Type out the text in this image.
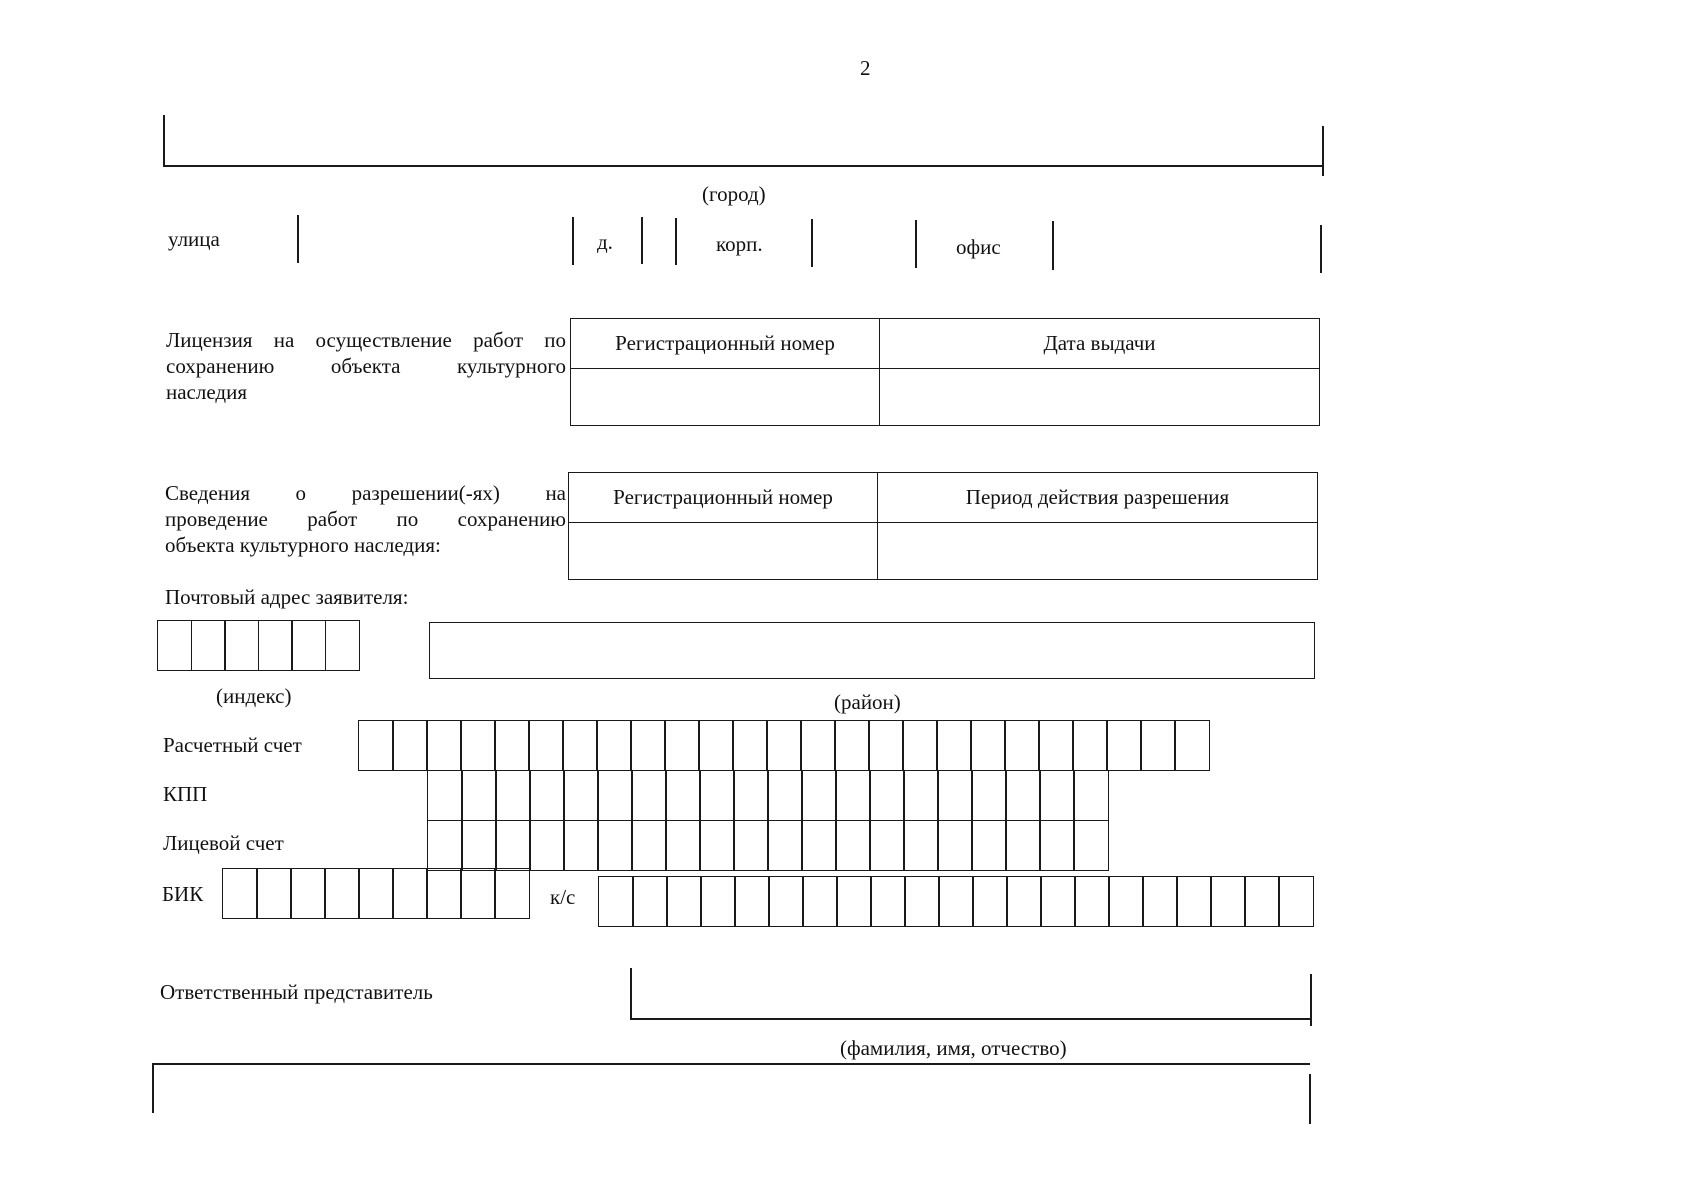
2
(город)
улица	д.	корп.	офис
Лицензия на осуществление работ по
сохранению объекта культурного
наследия
Регистрационный номер	Дата выдачи

Сведения о разрешении(-ях) на
проведение работ по сохранению
объекта культурного наследия:
Регистрационный номер	Период действия разрешения

Почтовый адрес заявителя:
(индекс)	(район)
Расчетный счет
КПП
Лицевой счет
БИК	к/с
Ответственный представитель
(фамилия, имя, отчество)
